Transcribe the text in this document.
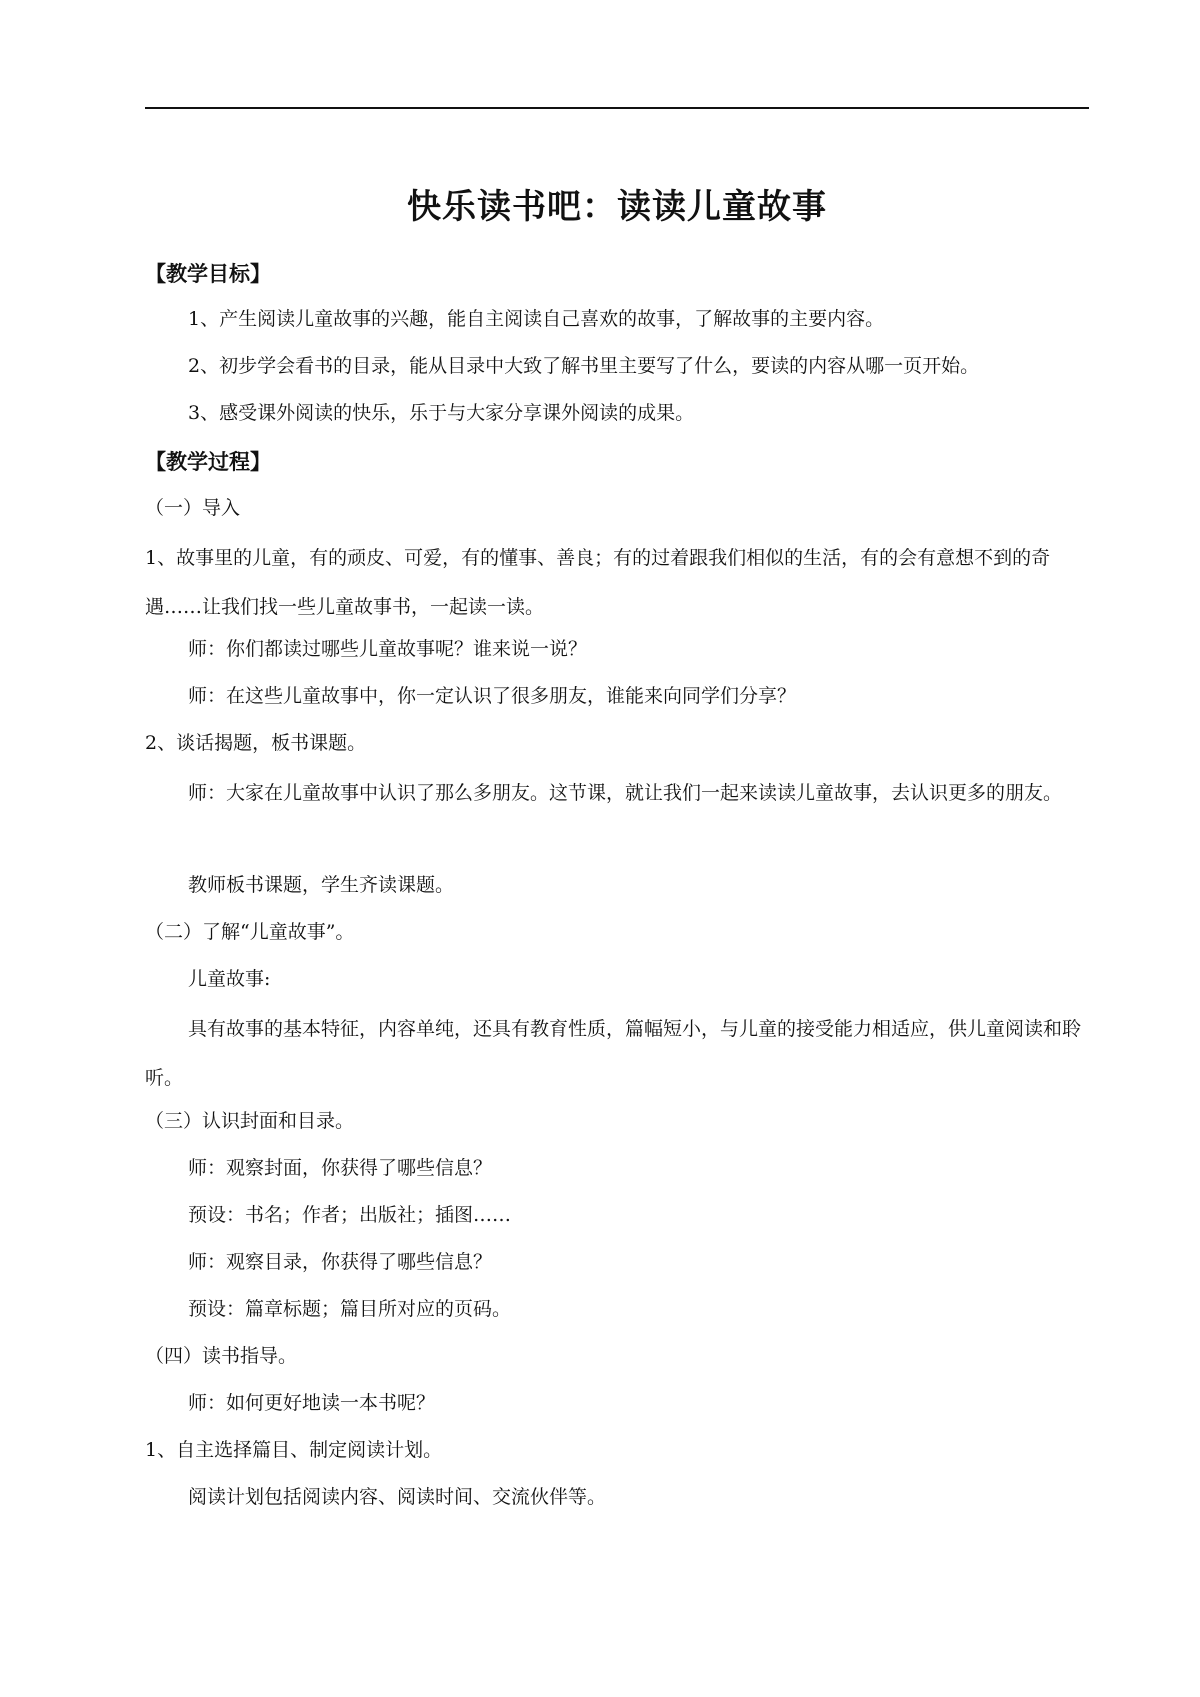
快乐读书吧：读读儿童故事
【教学目标】
1、产生阅读儿童故事的兴趣，能自主阅读自己喜欢的故事，了解故事的主要内容。
2、初步学会看书的目录，能从目录中大致了解书里主要写了什么，要读的内容从哪一页开始。
3、感受课外阅读的快乐，乐于与大家分享课外阅读的成果。
【教学过程】
（一）导入
1、故事里的儿童，有的顽皮、可爱，有的懂事、善良；有的过着跟我们相似的生活，有的会有意想不到的奇遇……让我们找一些儿童故事书，一起读一读。
师：你们都读过哪些儿童故事呢？谁来说一说？
师：在这些儿童故事中，你一定认识了很多朋友，谁能来向同学们分享？
2、谈话揭题，板书课题。
师：大家在儿童故事中认识了那么多朋友。这节课，就让我们一起来读读儿童故事，去认识更多的朋友。
教师板书课题，学生齐读课题。
（二）了解“儿童故事”。
儿童故事:
具有故事的基本特征，内容单纯，还具有教育性质，篇幅短小，与儿童的接受能力相适应，供儿童阅读和聆听。
（三）认识封面和目录。
师：观察封面，你获得了哪些信息？
预设：书名；作者；出版社；插图……
师：观察目录，你获得了哪些信息？
预设：篇章标题；篇目所对应的页码。
（四）读书指导。
师：如何更好地读一本书呢？
1、自主选择篇目、制定阅读计划。
阅读计划包括阅读内容、阅读时间、交流伙伴等。
